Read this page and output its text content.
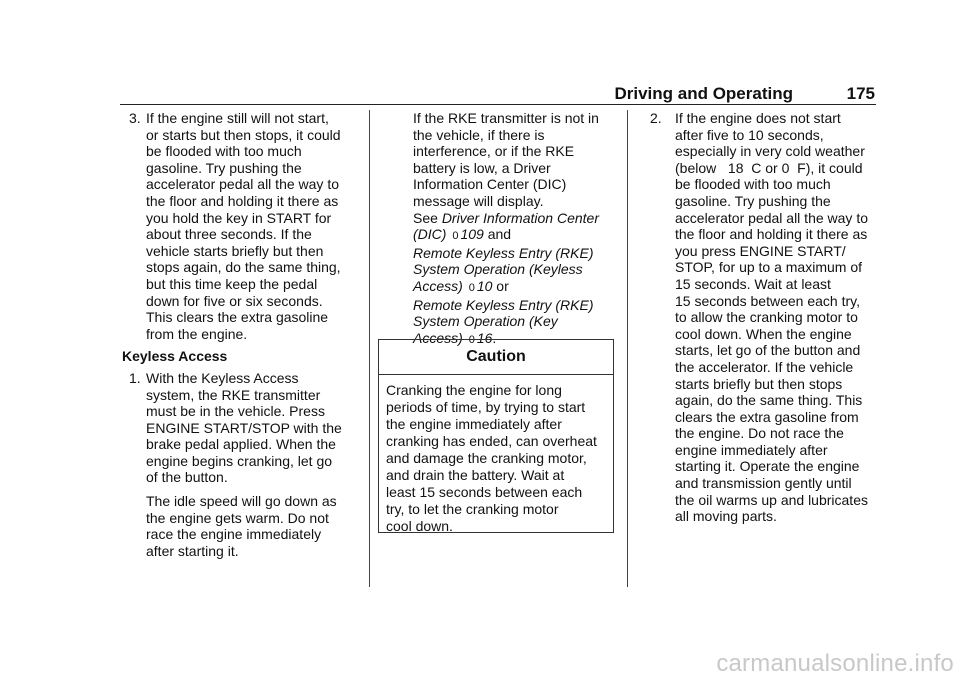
Driving and Operating	175
3. If the engine still will not start,

or starts but then stops, it could

be flooded with too much

gasoline. Try pushing the

accelerator pedal all the way to

the floor and holding it there as

you hold the key in START for

about three seconds. If the

vehicle starts briefly but then

stops again, do the same thing,

but this time keep the pedal

down for five or six seconds.

This clears the extra gasoline

from the engine.

Keyless Access

1. With the Keyless Access

system, the RKE transmitter

must be in the vehicle. Press

ENGINE START/STOP with the

brake pedal applied. When the

engine begins cranking, let go

of the button.

The idle speed will go down as

the engine gets warm. Do not

race the engine immediately

after starting it.

If the RKE transmitter is not in

the vehicle, if there is

interference, or if the RKE

battery is low, a Driver

Information Center (DIC)

message will display.

See Driver Information Center

(DIC) 0 109 and

Remote Keyless Entry (RKE)

System Operation (Keyless

Access) 0 10 or

Remote Keyless Entry (RKE)

System Operation (Key

Access) 0 16.

Caution

Cranking the engine for long

periods of time, by trying to start

the engine immediately after

cranking has ended, can overheat

and damage the cranking motor,

and drain the battery. Wait at

least 15 seconds between each

try, to let the cranking motor

cool down.

2. If the engine does not start

after five to 10 seconds,

especially in very cold weather

(below   18  C or 0  F), it could

be flooded with too much

gasoline. Try pushing the

accelerator pedal all the way to

the floor and holding it there as

you press ENGINE START/

STOP, for up to a maximum of

15 seconds. Wait at least

15 seconds between each try,

to allow the cranking motor to

cool down. When the engine

starts, let go of the button and

the accelerator. If the vehicle

starts briefly but then stops

again, do the same thing. This

clears the extra gasoline from

the engine. Do not race the

engine immediately after

starting it. Operate the engine

and transmission gently until

the oil warms up and lubricates

all moving parts.

carmanualsonline.info
